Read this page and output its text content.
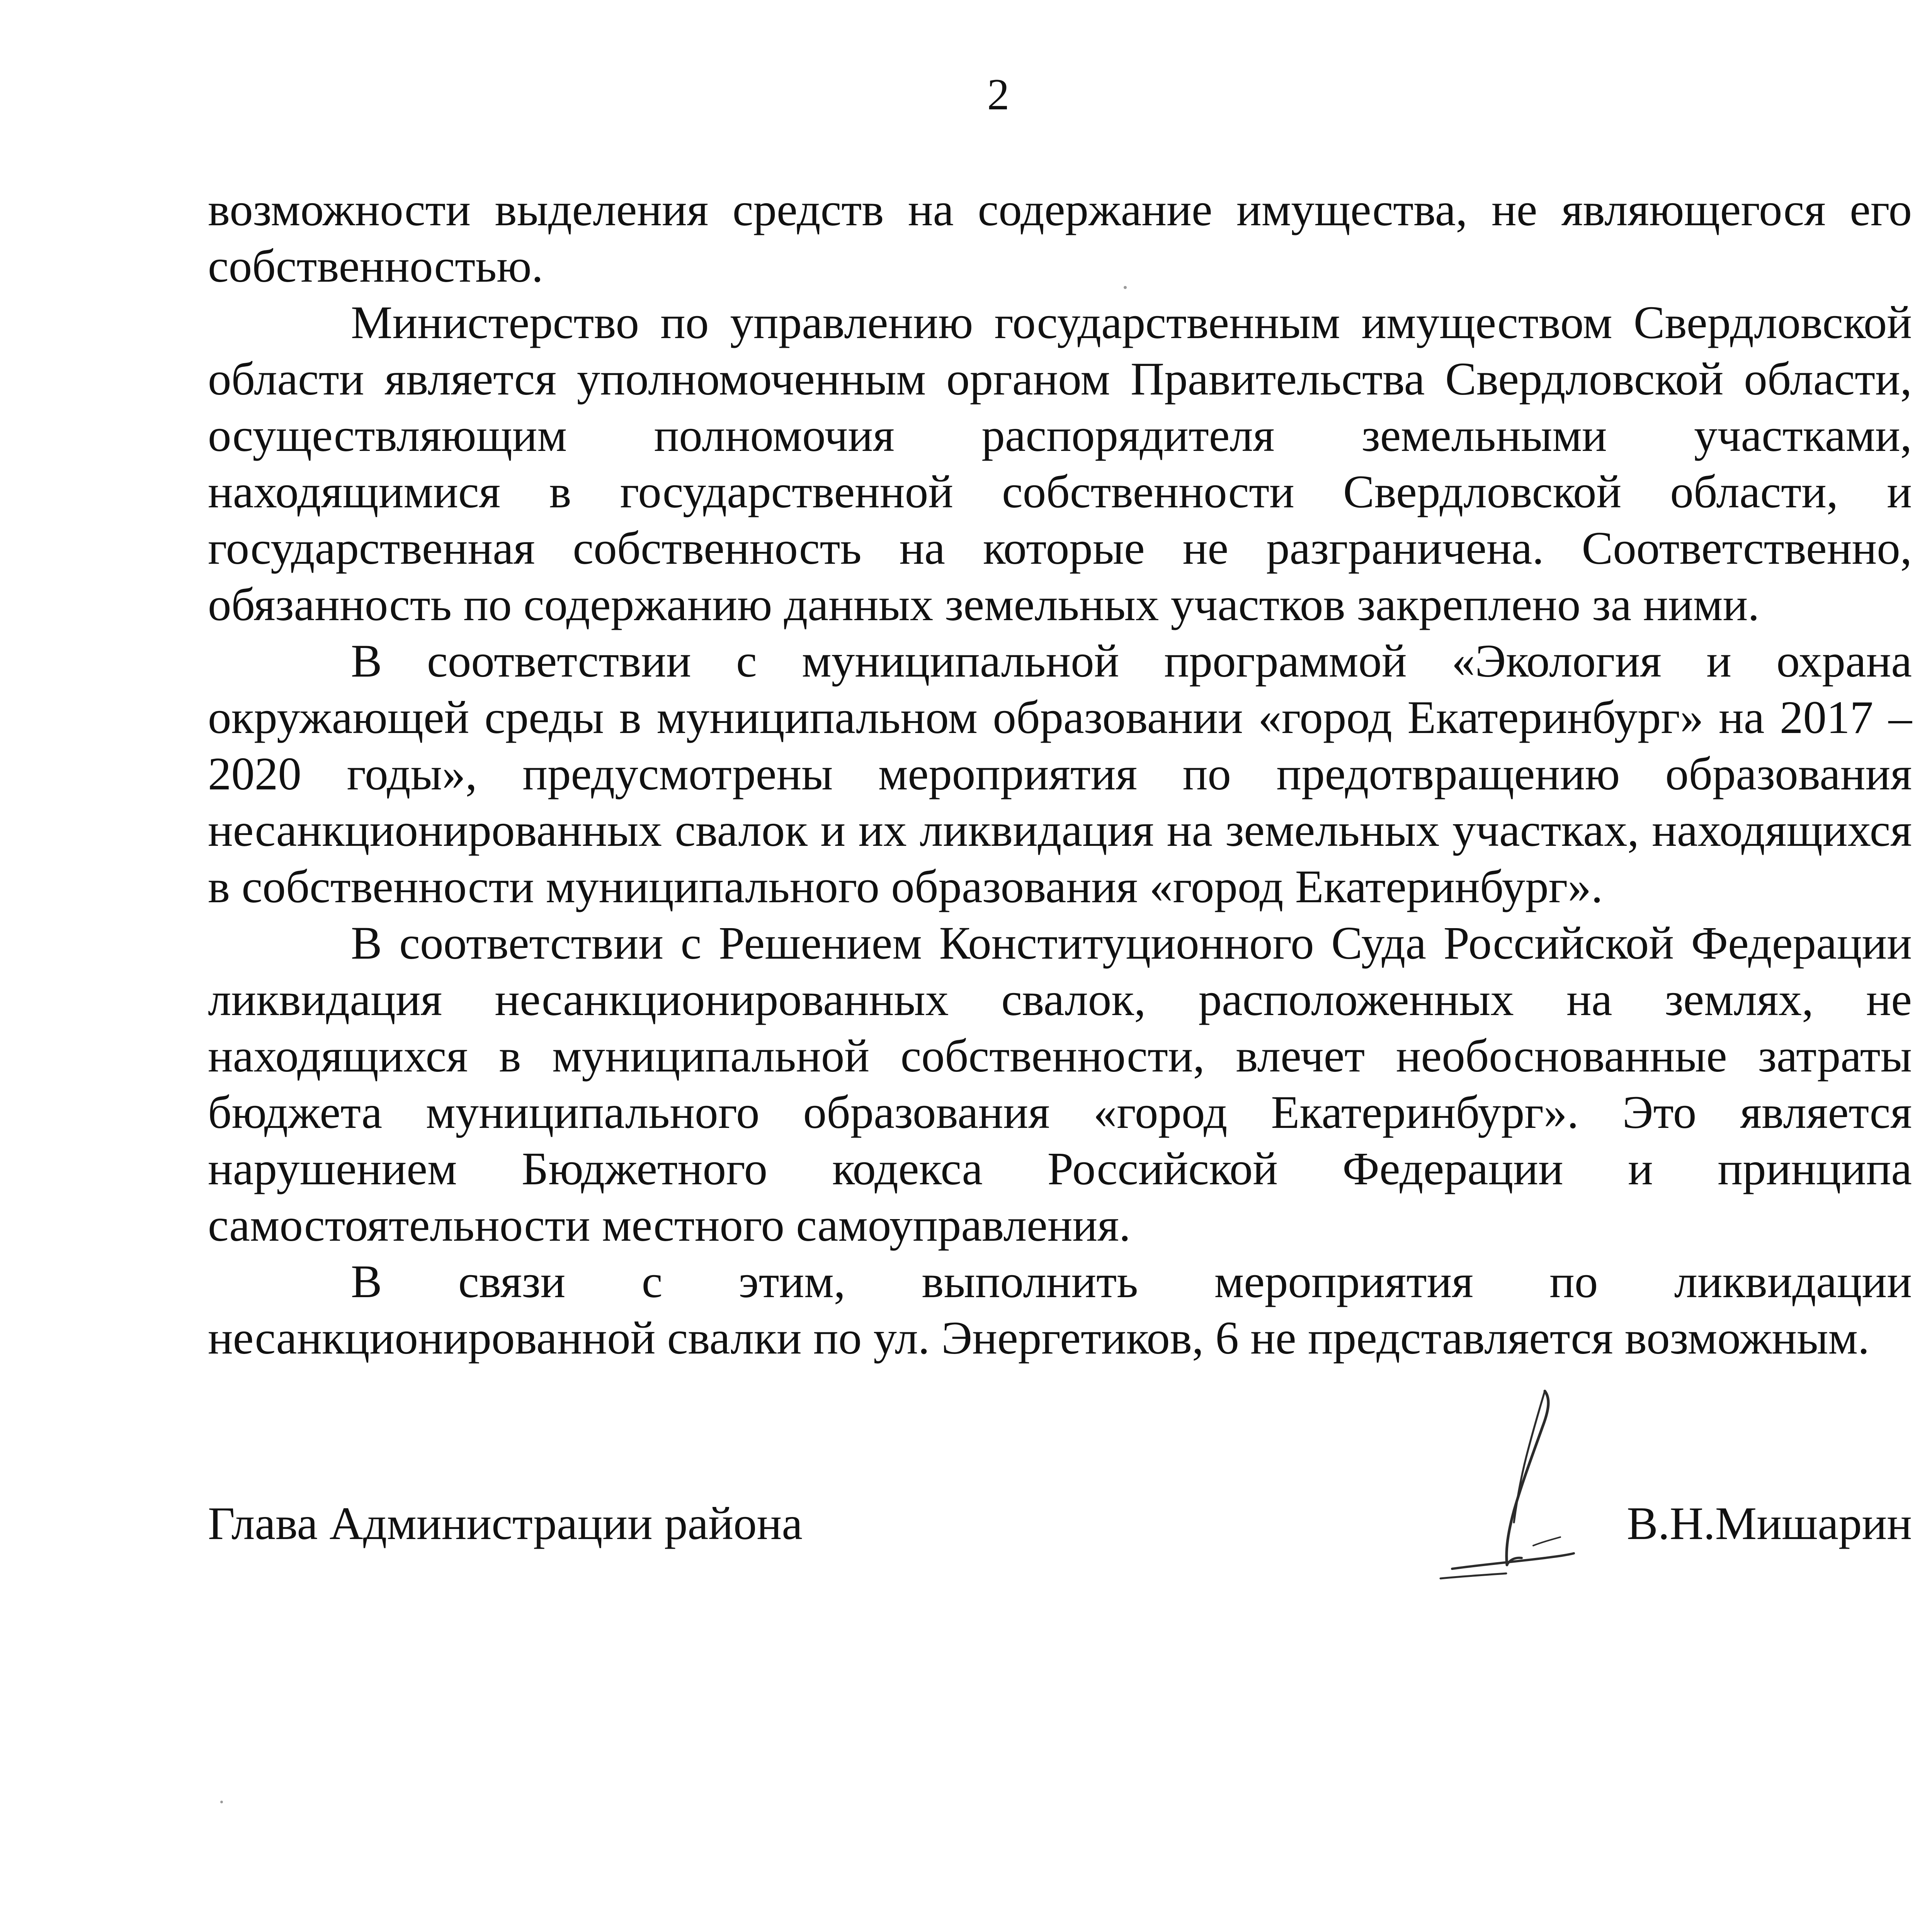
2

возможности выделения средств на содержание имущества, не являющегося его собственностью.

Министерство по управлению государственным имуществом Свердловской области является уполномоченным органом Правительства Свердловской области, осуществляющим полномочия распорядителя земельными участками, находящимися в государственной собственности Свердловской области, и государственная собственность на которые не разграничена. Соответственно, обязанность по содержанию данных земельных участков закреплено за ними.

В соответствии с муниципальной программой «Экология и охрана окружающей среды в муниципальном образовании «город Екатеринбург» на 2017 – 2020 годы», предусмотрены мероприятия по предотвращению образования несанкционированных свалок и их ликвидация на земельных участках, находящихся в собственности муниципального образования «город Екатеринбург».

В соответствии с Решением Конституционного Суда Российской Федерации ликвидация несанкционированных свалок, расположенных на землях, не находящихся в муниципальной собственности, влечет необоснованные затраты бюджета муниципального образования «город Екатеринбург». Это является нарушением Бюджетного кодекса Российской Федерации и принципа самостоятельности местного самоуправления.

В связи с этим, выполнить мероприятия по ликвидации несанкционированной свалки по ул. Энергетиков, 6 не представляется возможным.

Глава Администрации района	В.Н.Мишарин
